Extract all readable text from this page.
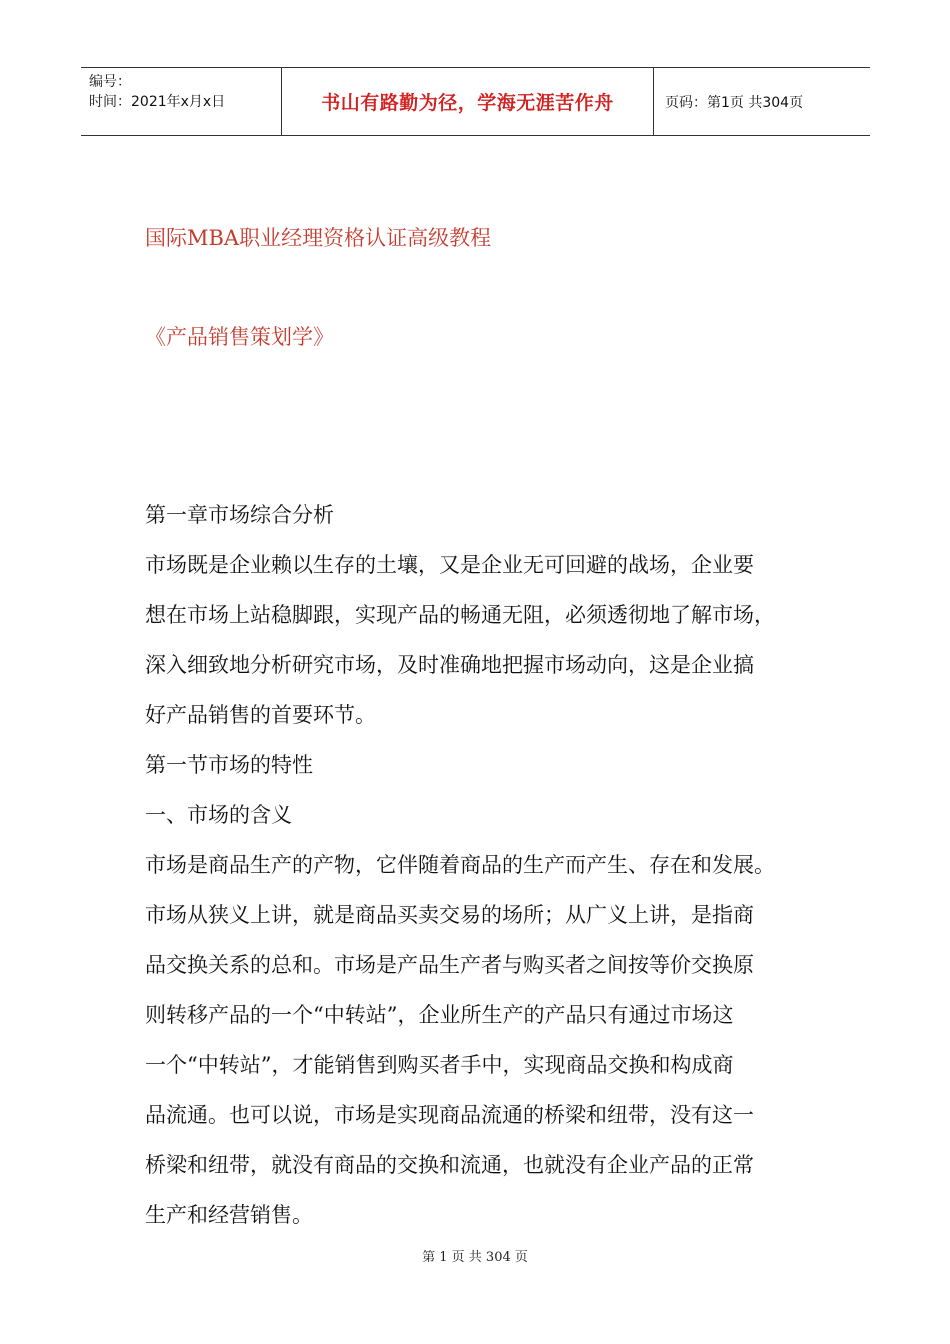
编号：
时间：2021年x月x日	书山有路勤为径，学海无涯苦作舟	页码：第1页 共304页
国际MBA职业经理资格认证高级教程
《产品销售策划学》

第一章市场综合分析

市场既是企业赖以生存的土壤，又是企业无可回避的战场，企业要
想在市场上站稳脚跟，实现产品的畅通无阻，必须透彻地了解市场，
深入细致地分析研究市场，及时准确地把握市场动向，这是企业搞
好产品销售的首要环节。

第一节市场的特性

一、市场的含义

市场是商品生产的产物，它伴随着商品的生产而产生、存在和发展。
市场从狭义上讲，就是商品买卖交易的场所；从广义上讲，是指商
品交换关系的总和。市场是产品生产者与购买者之间按等价交换原
则转移产品的一个“中转站”，企业所生产的产品只有通过市场这
一个“中转站”，才能销售到购买者手中，实现商品交换和构成商
品流通。也可以说，市场是实现商品流通的桥梁和纽带，没有这一
桥梁和纽带，就没有商品的交换和流通，也就没有企业产品的正常
生产和经营销售。

第 1 页 共 304 页
